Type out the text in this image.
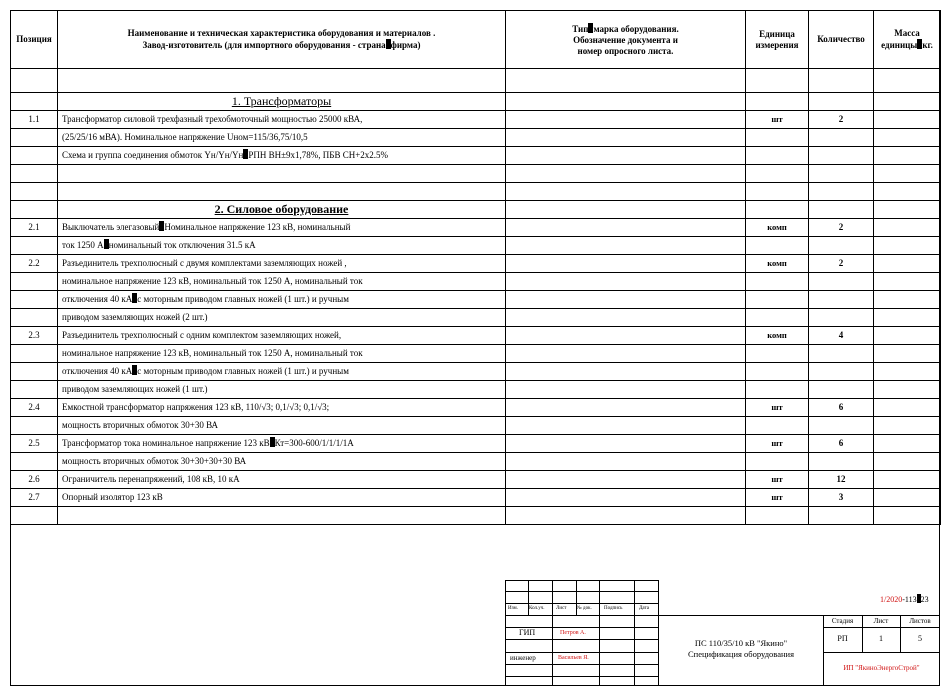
Позиция	Наименование и техническая характеристика оборудования и материалов .
Завод-изготовитель (для импортного оборудования - страна фирма)	Тип марка оборудования.
Обозначение документа и
номер опросного листа.	Единица
измерения	Количество	Масса
единицы кг.

	1. Трансформаторы				
1.1	Трансформатор силовой трехфазный трехобмоточный мощностью 25000 кВА,		шт	2	
	(25/25/16 мВА). Номинальное напряжение Uном=115/36,75/10,5				
	Схема и группа соединения обмоток Yн/Yн/Yн РПН ВН±9х1,78%, ПБВ СН+2х2.5%				

	2. Силовое оборудование				
2.1	Выключатель элегазовый Номинальное напряжение 123 кВ, номинальный		комп	2	
	ток 1250 А номинальный ток отключения 31.5 кА				
2.2	Разъединитель трехполюсный с двумя комплектами заземляющих ножей ,		комп	2	
	номинальное напряжение 123 кВ, номинальный ток 1250 А, номинальный ток				
	отключения 40 кА с моторным приводом главных ножей (1 шт.) и ручным				
	приводом заземляющих ножей (2 шт.)				
2.3	Разъединитель трехполюсный с одним комплектом заземляющих ножей,		комп	4	
	номинальное напряжение 123 кВ, номинальный ток 1250 А, номинальный ток				
	отключения 40 кА с моторным приводом главных ножей (1 шт.) и ручным				
	приводом заземляющих ножей (1 шт.)				
2.4	Емкостной трансформатор напряжения 123 кВ, 110/√3; 0,1/√3; 0,1/√3;		шт	6	
	мощность вторичных обмоток 30+30 ВА				
2.5	Трансформатор тока номинальное напряжение 123 кВ Кт=300-600/1/1/1/1А		шт	6	
	мощность вторичных обмоток 30+30+30+30 ВА				
2.6	Ограничитель перенапряжений, 108 кВ, 10 кА		шт	12	
2.7	Опорный изолятор 123 кВ		шт	3	

Изм. Кол.уч. Лист № док. Подпись	Дата
ГИП	Петров А.
инженер	Васильев Я.
1/2020-113 23
ПС 110/35/10 кВ "Якино"
Спецификация оборудования
Стадия	Лист	Листов
РП	1	5
ИП "ЯкиноЭнергоСтрой"
